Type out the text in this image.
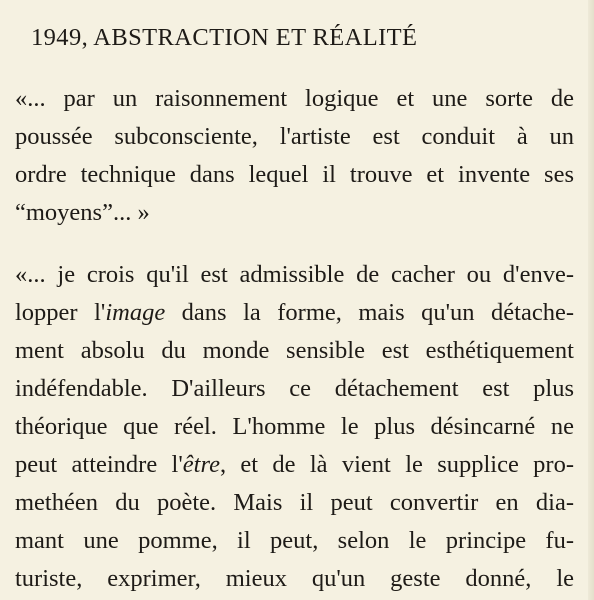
1949, ABSTRACTION ET RÉALITÉ
«... par un raisonnement logique et une sorte de
poussée subconsciente, l'artiste est conduit à un
ordre technique dans lequel il trouve et invente ses
“moyens”... »
«... je crois qu'il est admissible de cacher ou d'enve-
lopper l'image dans la forme, mais qu'un détache-
ment absolu du monde sensible est esthétiquement
indéfendable. D'ailleurs ce détachement est plus
théorique que réel. L'homme le plus désincarné ne
peut atteindre l'être, et de là vient le supplice pro-
methéen du poète. Mais il peut convertir en dia-
mant une pomme, il peut, selon le principe fu-
turiste, exprimer, mieux qu'un geste donné, le
